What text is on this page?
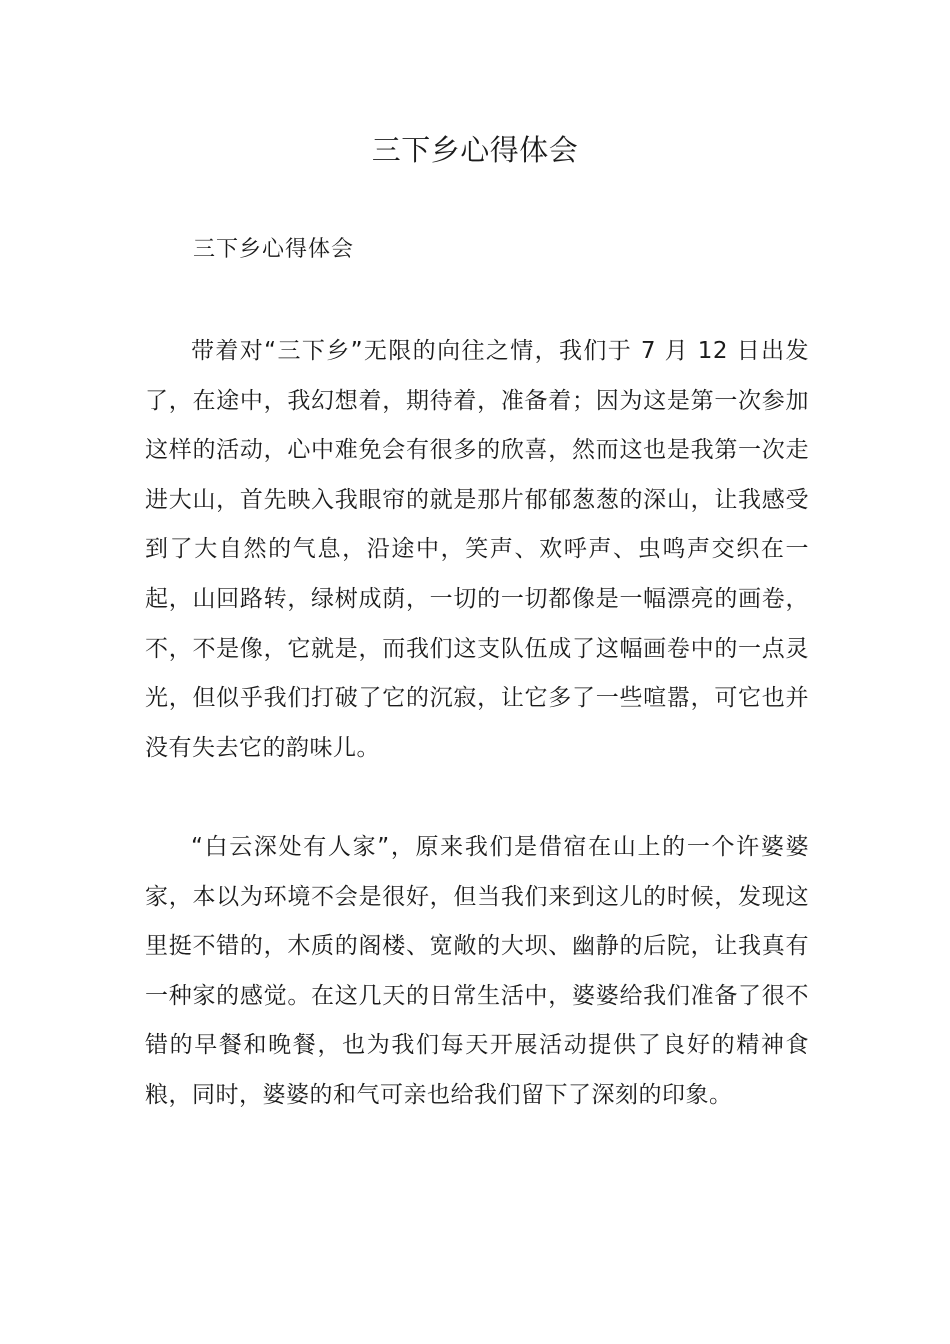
三下乡心得体会
三下乡心得体会

带着对“三下乡”无限的向往之情，我们于 7 月 12 日出发了，在途中，我幻想着，期待着，准备着；因为这是第一次参加这样的活动，心中难免会有很多的欣喜，然而这也是我第一次走进大山，首先映入我眼帘的就是那片郁郁葱葱的深山，让我感受到了大自然的气息，沿途中，笑声、欢呼声、虫鸣声交织在一起，山回路转，绿树成荫，一切的一切都像是一幅漂亮的画卷，不，不是像，它就是，而我们这支队伍成了这幅画卷中的一点灵光，但似乎我们打破了它的沉寂，让它多了一些喧嚣，可它也并没有失去它的韵味儿。

“白云深处有人家”，原来我们是借宿在山上的一个许婆婆家，本以为环境不会是很好，但当我们来到这儿的时候，发现这里挺不错的，木质的阁楼、宽敞的大坝、幽静的后院，让我真有一种家的感觉。在这几天的日常生活中，婆婆给我们准备了很不错的早餐和晚餐，也为我们每天开展活动提供了良好的精神食粮，同时，婆婆的和气可亲也给我们留下了深刻的印象。
